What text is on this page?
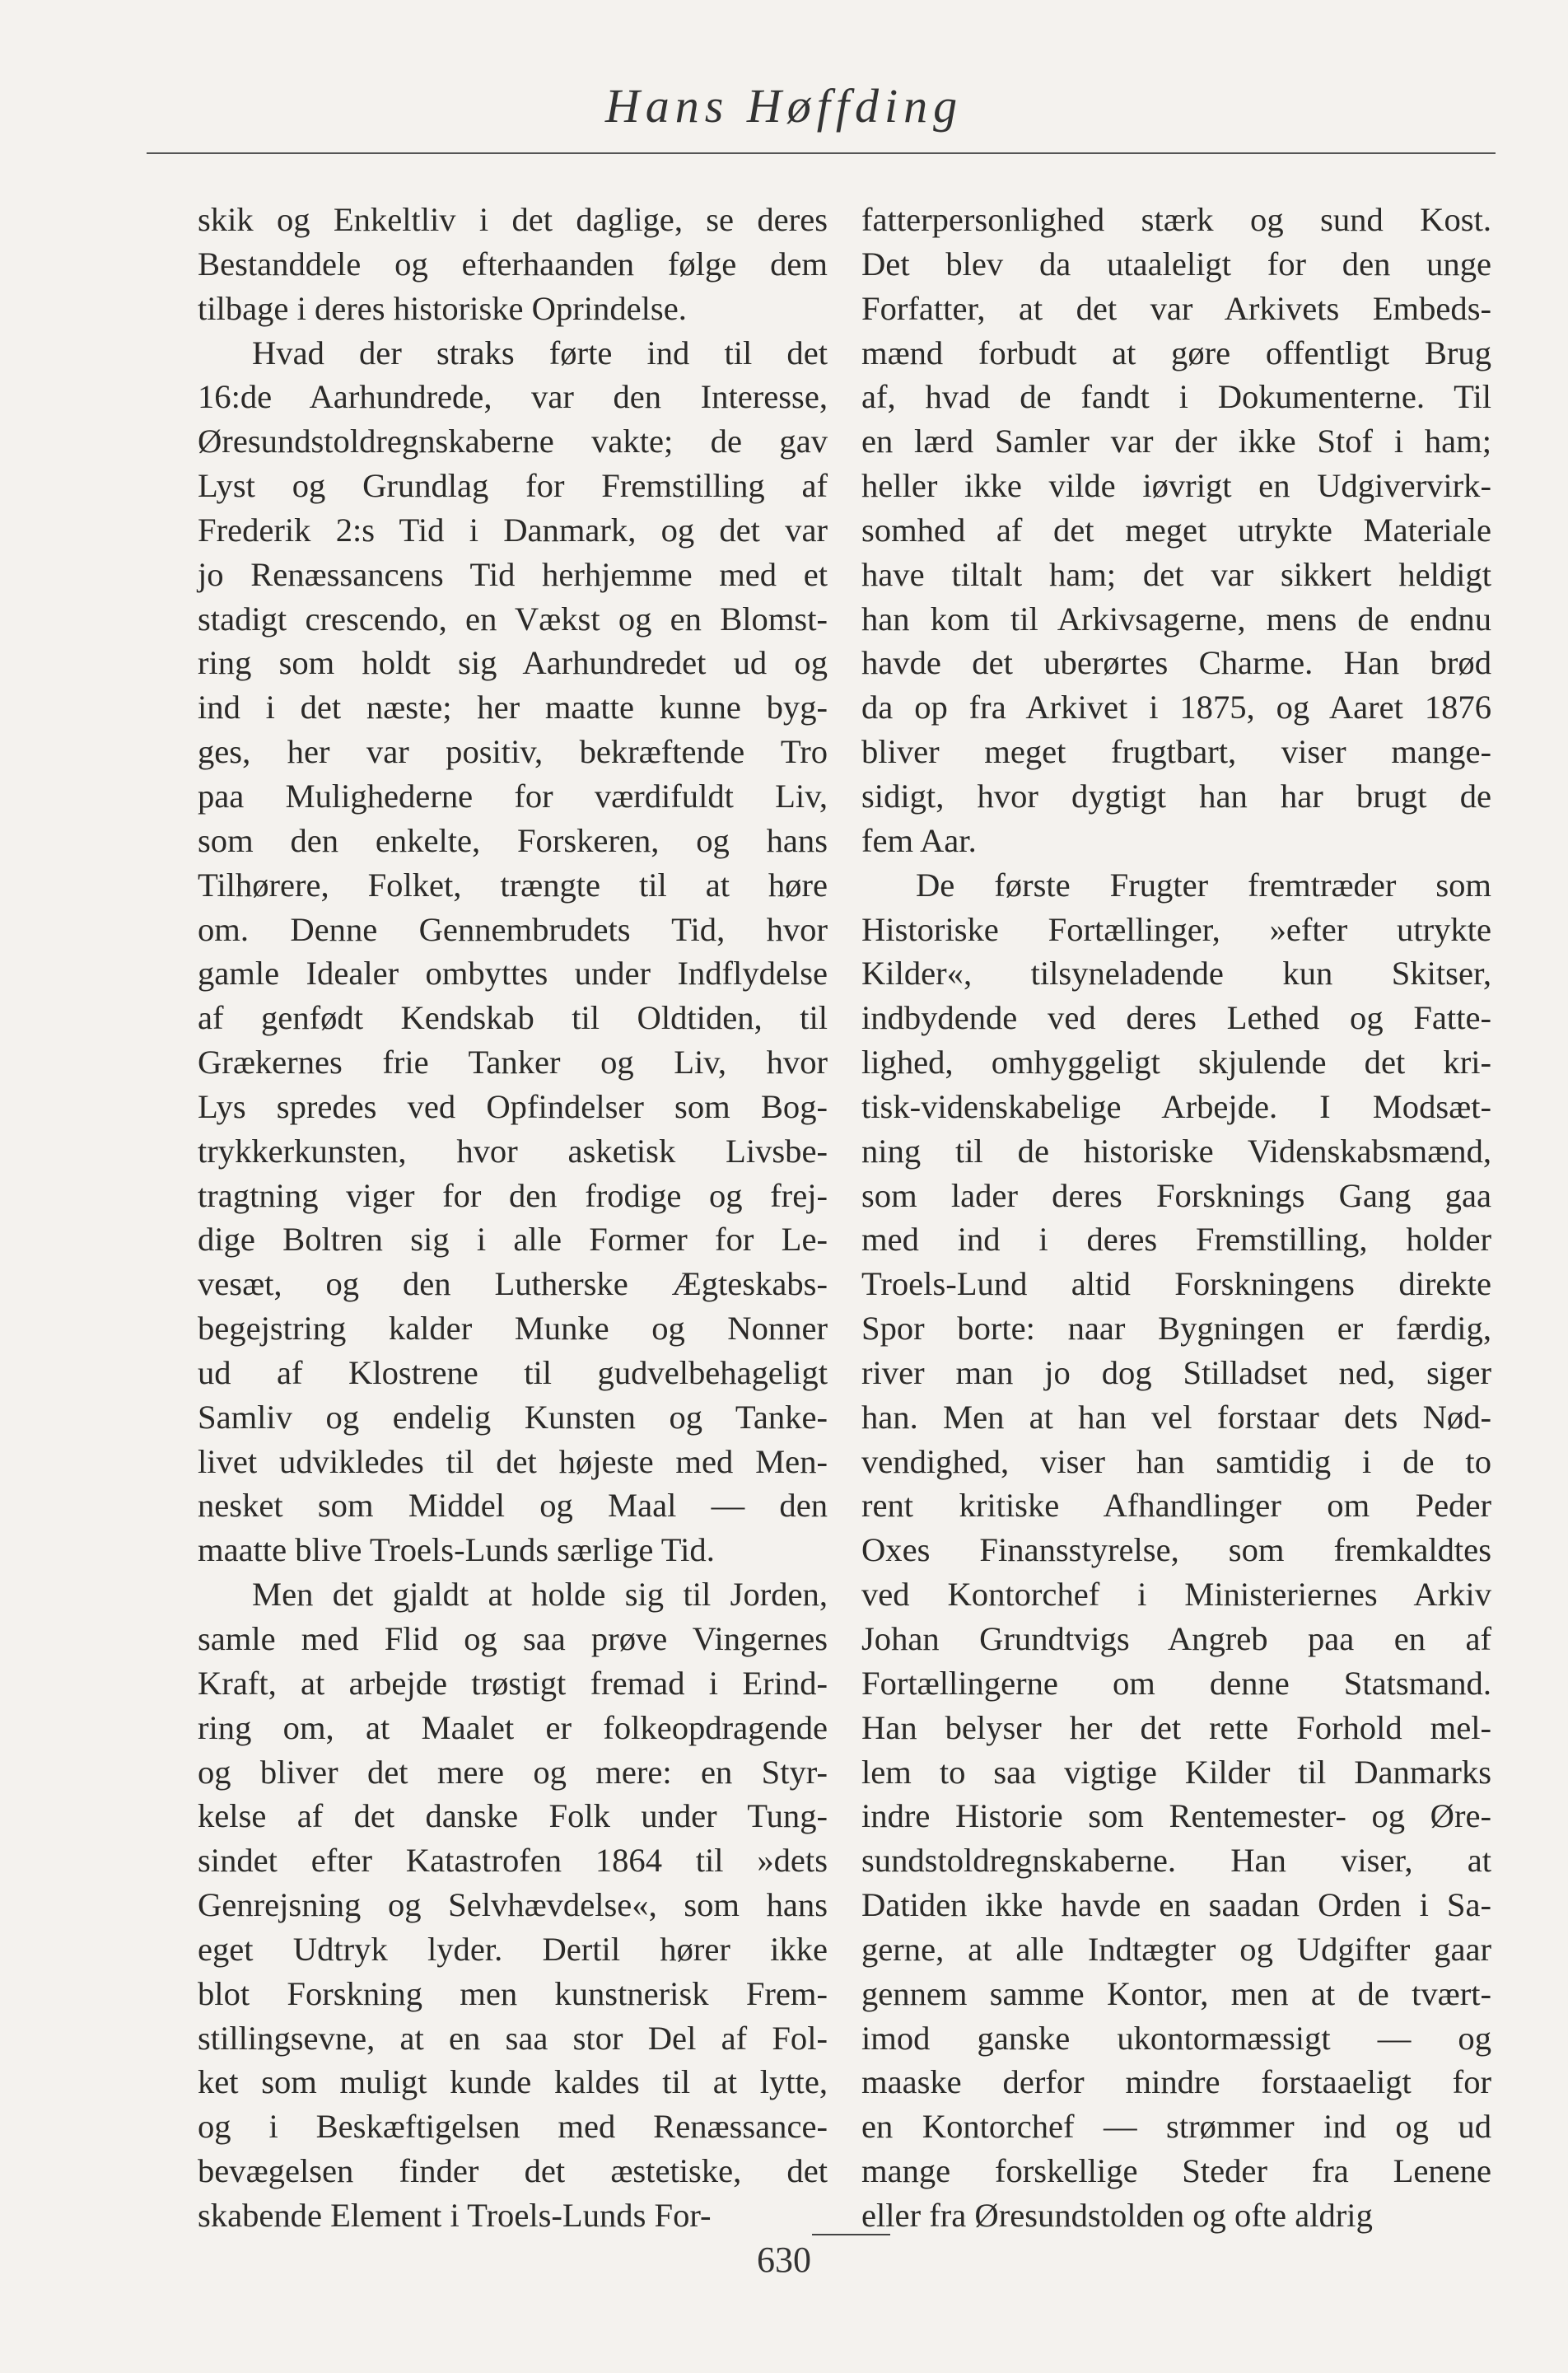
Hans Høffding
skik og Enkeltliv i det daglige, se deres
Bestanddele og efterhaanden følge dem
tilbage i deres historiske Oprindelse.
Hvad der straks førte ind til det
16:de Aarhundrede, var den Interesse,
Øresundstoldregnskaberne vakte; de gav
Lyst og Grundlag for Fremstilling af
Frederik 2:s Tid i Danmark, og det var
jo Renæssancens Tid herhjemme med et
stadigt crescendo, en Vækst og en Blomst-
ring som holdt sig Aarhundredet ud og
ind i det næste; her maatte kunne byg-
ges, her var positiv, bekræftende Tro
paa Mulighederne for værdifuldt Liv,
som den enkelte, Forskeren, og hans
Tilhørere, Folket, trængte til at høre
om. Denne Gennembrudets Tid, hvor
gamle Idealer ombyttes under Indflydelse
af genfødt Kendskab til Oldtiden, til
Grækernes frie Tanker og Liv, hvor
Lys spredes ved Opfindelser som Bog-
trykkerkunsten, hvor asketisk Livsbe-
tragtning viger for den frodige og frej-
dige Boltren sig i alle Former for Le-
vesæt, og den Lutherske Ægteskabs-
begejstring kalder Munke og Nonner
ud af Klostrene til gudvelbehageligt
Samliv og endelig Kunsten og Tanke-
livet udvikledes til det højeste med Men-
nesket som Middel og Maal — den
maatte blive Troels-Lunds særlige Tid.
Men det gjaldt at holde sig til Jorden,
samle med Flid og saa prøve Vingernes
Kraft, at arbejde trøstigt fremad i Erind-
ring om, at Maalet er folkeopdragende
og bliver det mere og mere: en Styr-
kelse af det danske Folk under Tung-
sindet efter Katastrofen 1864 til »dets
Genrejsning og Selvhævdelse«, som hans
eget Udtryk lyder. Dertil hører ikke
blot Forskning men kunstnerisk Frem-
stillingsevne, at en saa stor Del af Fol-
ket som muligt kunde kaldes til at lytte,
og i Beskæftigelsen med Renæssance-
bevægelsen finder det æstetiske, det
skabende Element i Troels-Lunds For-
fatterpersonlighed stærk og sund Kost.
Det blev da utaaleligt for den unge
Forfatter, at det var Arkivets Embeds-
mænd forbudt at gøre offentligt Brug
af, hvad de fandt i Dokumenterne. Til
en lærd Samler var der ikke Stof i ham;
heller ikke vilde iøvrigt en Udgivervirk-
somhed af det meget utrykte Materiale
have tiltalt ham; det var sikkert heldigt
han kom til Arkivsagerne, mens de endnu
havde det uberørtes Charme. Han brød
da op fra Arkivet i 1875, og Aaret 1876
bliver meget frugtbart, viser mange-
sidigt, hvor dygtigt han har brugt de
fem Aar.
De første Frugter fremtræder som
Historiske Fortællinger, »efter utrykte
Kilder«, tilsyneladende kun Skitser,
indbydende ved deres Lethed og Fatte-
lighed, omhyggeligt skjulende det kri-
tisk-videnskabelige Arbejde. I Modsæt-
ning til de historiske Videnskabsmænd,
som lader deres Forsknings Gang gaa
med ind i deres Fremstilling, holder
Troels-Lund altid Forskningens direkte
Spor borte: naar Bygningen er færdig,
river man jo dog Stilladset ned, siger
han. Men at han vel forstaar dets Nød-
vendighed, viser han samtidig i de to
rent kritiske Afhandlinger om Peder
Oxes Finansstyrelse, som fremkaldtes
ved Kontorchef i Ministeriernes Arkiv
Johan Grundtvigs Angreb paa en af
Fortællingerne om denne Statsmand.
Han belyser her det rette Forhold mel-
lem to saa vigtige Kilder til Danmarks
indre Historie som Rentemester- og Øre-
sundstoldregnskaberne. Han viser, at
Datiden ikke havde en saadan Orden i Sa-
gerne, at alle Indtægter og Udgifter gaar
gennem samme Kontor, men at de tvært-
imod ganske ukontormæssigt — og
maaske derfor mindre forstaaeligt for
en Kontorchef — strømmer ind og ud
mange forskellige Steder fra Lenene
eller fra Øresundstolden og ofte aldrig
630
